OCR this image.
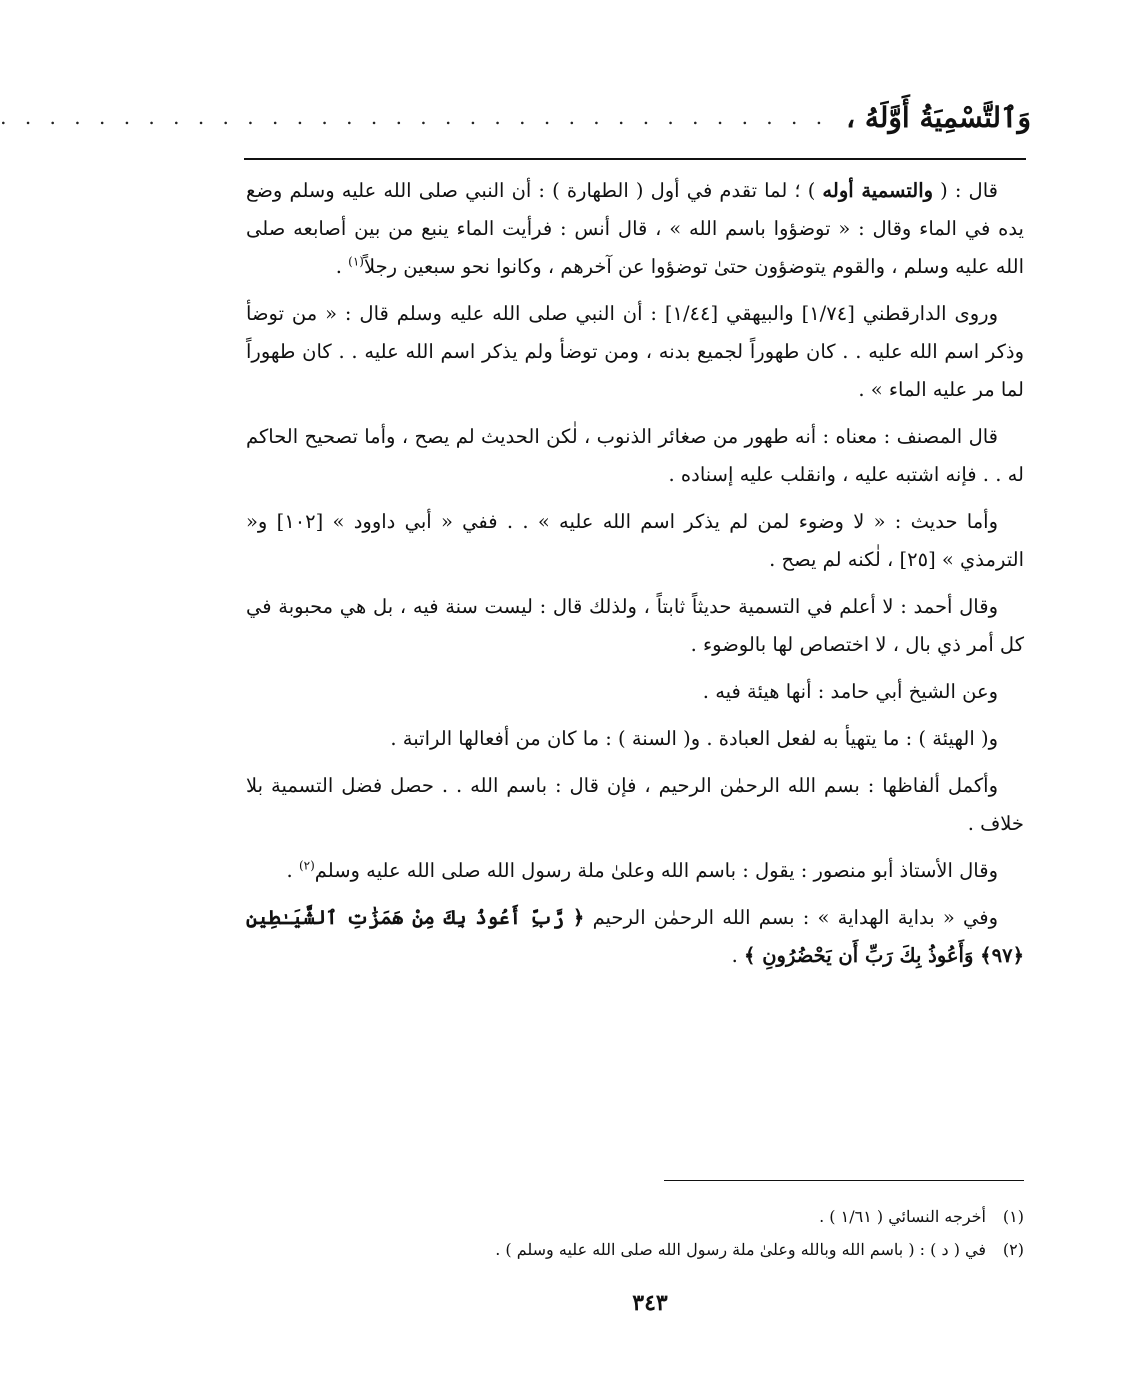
وَٱلتَّسْمِيَةُ أَوَّلَهُ ،
. . . . . . . . . . . . . . . . . . . . . . . . . . . . . . . . . .

قال : ( والتسمية أوله ) ؛ لما تقدم في أول ( الطهارة ) : أن النبي صلى الله عليه وسلم وضع يده في الماء وقال : « توضؤوا باسم الله » ، قال أنس : فرأيت الماء ينبع من بين أصابعه صلى الله عليه وسلم ، والقوم يتوضؤون حتىٰ توضؤوا عن آخرهم ، وكانوا نحو سبعين رجلاً$^{(١)}$ .

وروى الدارقطني [١/٧٤] والبيهقي [١/٤٤] : أن النبي صلى الله عليه وسلم قال : « من توضأ وذكر اسم الله عليه . . كان طهوراً لجميع بدنه ، ومن توضأ ولم يذكر اسم الله عليه . . كان طهوراً لما مر عليه الماء » .

قال المصنف : معناه : أنه طهور من صغائر الذنوب ، لٰكن الحديث لم يصح ، وأما تصحيح الحاكم له . . فإنه اشتبه عليه ، وانقلب عليه إسناده .

وأما حديث : « لا وضوء لمن لم يذكر اسم الله عليه » . . ففي « أبي داوود » [١٠٢] و« الترمذي » [٢٥] ، لٰكنه لم يصح .

وقال أحمد : لا أعلم في التسمية حديثاً ثابتاً ، ولذلك قال : ليست سنة فيه ، بل هي محبوبة في كل أمر ذي بال ، لا اختصاص لها بالوضوء .

وعن الشيخ أبي حامد : أنها هيئة فيه .

و( الهيئة ) : ما يتهيأ به لفعل العبادة . و( السنة ) : ما كان من أفعالها الراتبة .

وأكمل ألفاظها : بسم الله الرحمٰن الرحيم ، فإن قال : باسم الله . . حصل فضل التسمية بلا خلاف .

وقال الأستاذ أبو منصور : يقول : باسم الله وعلىٰ ملة رسول الله صلى الله عليه وسلم$^{(٢)}$ .

وفي « بداية الهداية » : بسم الله الرحمٰن الرحيم ﴿ رَّبِّ أَعُوذُ بِكَ مِنْ هَمَزَٰتِ ٱلشَّيَـٰطِينِ ﴿٩٧﴾ وَأَعُوذُ بِكَ رَبِّ أَن يَحْضُرُونِ ﴾ .

(١)
أخرجه النسائي ( ١/٦١ ) .
(٢)
في ( د ) : ( باسم الله وبالله وعلىٰ ملة رسول الله صلى الله عليه وسلم ) .
٣٤٣
